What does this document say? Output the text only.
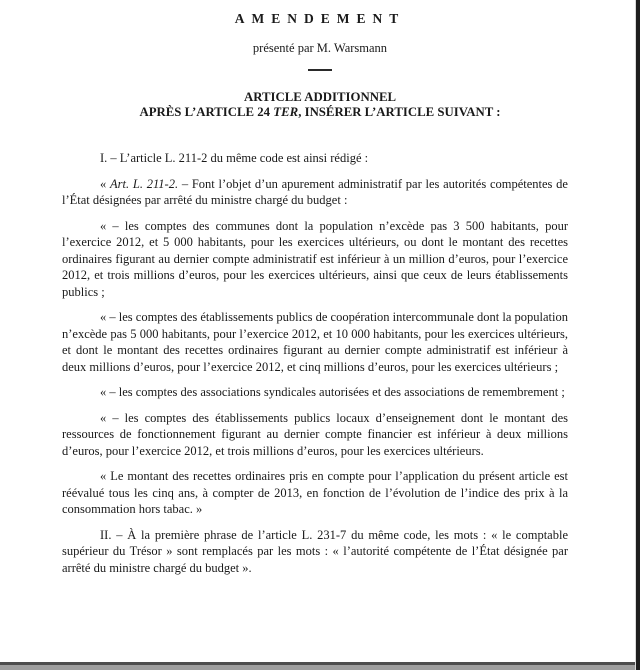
AMENDEMENT

présenté par M. Warsmann

ARTICLE ADDITIONNEL
APRÈS L’ARTICLE 24 TER, INSÉRER L’ARTICLE SUIVANT :

I. – L’article L. 211-2 du même code est ainsi rédigé :

« Art. L. 211-2. – Font l’objet d’un apurement administratif par les autorités compétentes de l’État désignées par arrêté du ministre chargé du budget :

« – les comptes des communes dont la population n’excède pas 3 500 habitants, pour l’exercice 2012, et 5 000 habitants, pour les exercices ultérieurs, ou dont le montant des recettes ordinaires figurant au dernier compte administratif est inférieur à un million d’euros, pour l’exercice 2012, et trois millions d’euros, pour les exercices ultérieurs, ainsi que ceux de leurs établissements publics ;

« – les comptes des établissements publics de coopération intercommunale dont la population n’excède pas 5 000 habitants, pour l’exercice 2012, et 10 000 habitants, pour les exercices ultérieurs, et dont le montant des recettes ordinaires figurant au dernier compte administratif est inférieur à deux millions d’euros, pour l’exercice 2012, et cinq millions d’euros, pour les exercices ultérieurs ;

« – les comptes des associations syndicales autorisées et des associations de remembrement ;

« – les comptes des établissements publics locaux d’enseignement dont le montant des ressources de fonctionnement figurant au dernier compte financier est inférieur à deux millions d’euros, pour l’exercice 2012, et trois millions d’euros, pour les exercices ultérieurs.

« Le montant des recettes ordinaires pris en compte pour l’application du présent article est réévalué tous les cinq ans, à compter de 2013, en fonction de l’évolution de l’indice des prix à la consommation hors tabac. »

II. – À la première phrase de l’article L. 231-7 du même code, les mots : « le comptable supérieur du Trésor » sont remplacés par les mots : « l’autorité compétente de l’État désignée par arrêté du ministre chargé du budget ».
